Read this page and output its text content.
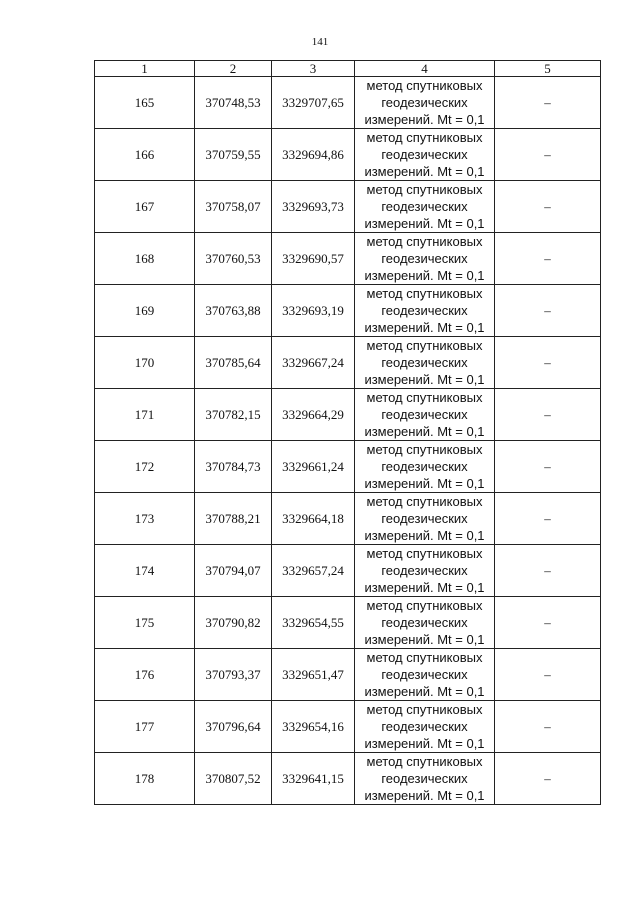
141
1	2	3	4	5
165	370748,53	3329707,65	метод спутниковых
геодезических
измерений. Mt = 0,1	–
166	370759,55	3329694,86	метод спутниковых
геодезических
измерений. Mt = 0,1	–
167	370758,07	3329693,73	метод спутниковых
геодезических
измерений. Mt = 0,1	–
168	370760,53	3329690,57	метод спутниковых
геодезических
измерений. Mt = 0,1	–
169	370763,88	3329693,19	метод спутниковых
геодезических
измерений. Mt = 0,1	–
170	370785,64	3329667,24	метод спутниковых
геодезических
измерений. Mt = 0,1	–
171	370782,15	3329664,29	метод спутниковых
геодезических
измерений. Mt = 0,1	–
172	370784,73	3329661,24	метод спутниковых
геодезических
измерений. Mt = 0,1	–
173	370788,21	3329664,18	метод спутниковых
геодезических
измерений. Mt = 0,1	–
174	370794,07	3329657,24	метод спутниковых
геодезических
измерений. Mt = 0,1	–
175	370790,82	3329654,55	метод спутниковых
геодезических
измерений. Mt = 0,1	–
176	370793,37	3329651,47	метод спутниковых
геодезических
измерений. Mt = 0,1	–
177	370796,64	3329654,16	метод спутниковых
геодезических
измерений. Mt = 0,1	–
178	370807,52	3329641,15	метод спутниковых
геодезических
измерений. Mt = 0,1	–
